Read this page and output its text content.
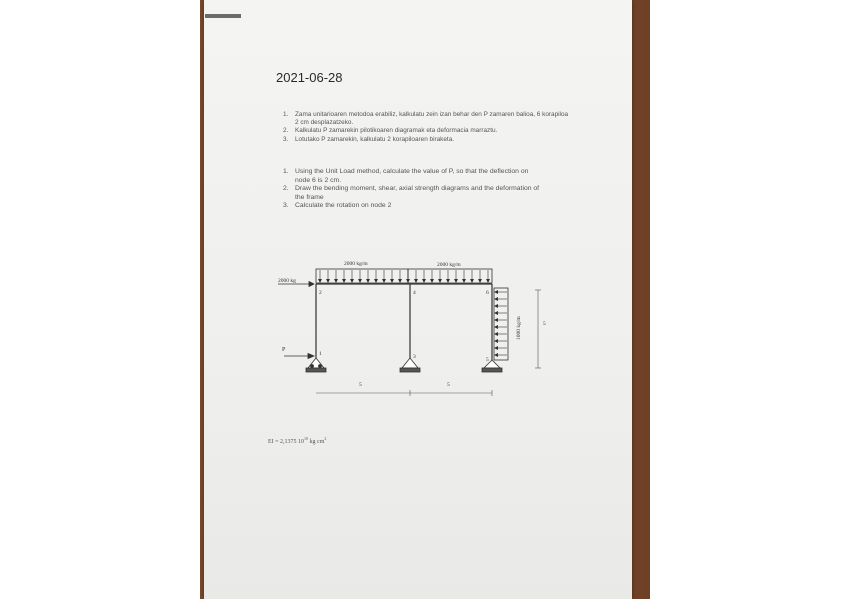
2021-06-28
1.	Zama unitarioaren metodoa erabiliz, kalkulatu zein izan behar den P zamaren balioa, 6 korapiloa 2 cm desplazatzeko.
2.	Kalkulatu P zamarekin pilotikoaren diagramak eta deformacia marraztu.
3.	Lotutako P zamarekin, kalkulatu 2 korapiloaren biraketa.
1. Using the Unit Load method, calculate the value of P, so that the deflection on node 6 is 2 cm.
2. Draw the bending moment, shear, axial strength diagrams and the deformation of the frame
3. Calculate the rotation on node 2
2000 kg/m	2000 kg/m
2000 kg
P
1000 kg/m
1
2
3
4
5
6
5	5
5
EI = 2,1375 $10^{10}$ kg $cm^2$
